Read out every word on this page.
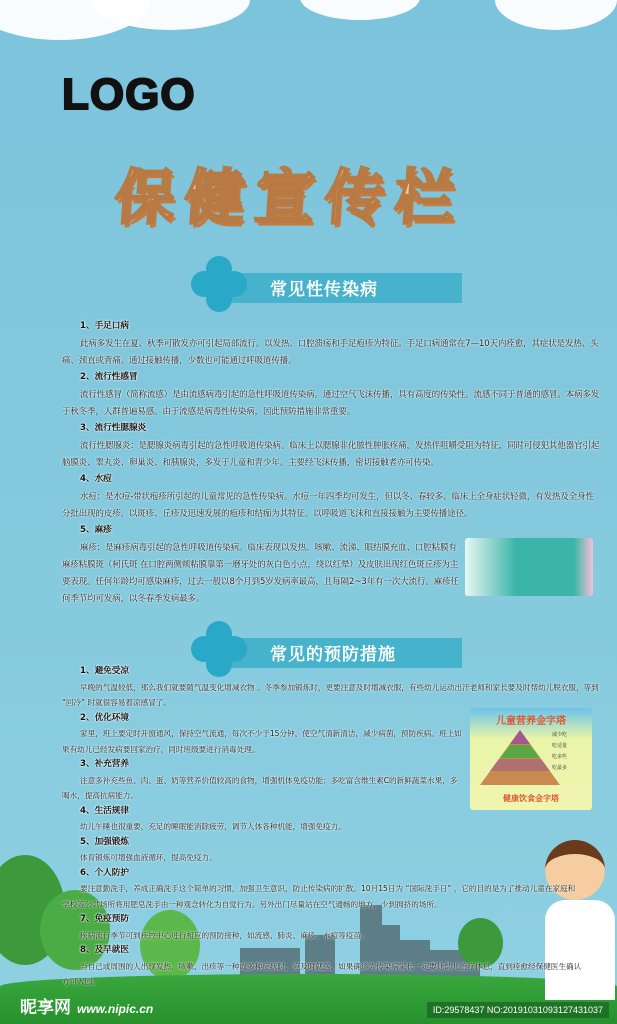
LOGO
保健宣传栏
常见性传染病
1、手足口病

此病多发生在夏、秋季可散发亦可引起局部流行。以发热、口腔溃疡和手足疱疹为特征。手足口病通常在7—10天内痊愈，其症状是发热、头痛、颈直或背痛。通过接触传播，少数也可能通过呼吸道传播。

2、流行性感冒

流行性感冒（简称流感）是由流感病毒引起的急性呼吸道传染病。通过空气飞沫传播，具有高度的传染性。流感不同于普通的感冒。本病多发于秋冬季，人群普遍易感。由于流感是病毒性传染病，因此预防措施非常重要。

3、流行性腮腺炎

流行性腮腺炎：是腮腺炎病毒引起的急性呼吸道传染病。临床上以腮腺非化脓性肿胀疼痛，发热伴咀嚼受阻为特征，同时可侵犯其他器官引起脑膜炎、睾丸炎、卵巢炎、和胰腺炎，多发于儿童和青少年。主要经飞沫传播，密切接触者亦可传染。

4、水痘

水痘：是水痘-带状疱疹所引起的儿童常见的急性传染病。水痘一年四季均可发生，但以冬、春较多。临床上全身症状轻微，有发热及全身性分批出现的皮疹，以斑疹、丘疹及迅速发展的疱疹和结痂为其特征。以呼吸道飞沫和直接接触为主要传播途径。

5、麻疹

麻疹：是麻疹病毒引起的急性呼吸道传染病。临床表现以发热、咳嗽、流涕、眼结膜充血、口腔粘膜有麻疹粘膜斑（柯氏斑 在口腔两侧颊粘膜靠第一磨牙处的灰白色小点，绕以红晕）及皮肤出现红色斑丘疹为主要表现。任何年龄均可感染麻疹，过去一般以8个月到5岁发病率最高，且每隔2~3年有一次大流行。麻疹任何季节均可发病，以冬春季发病最多。

常见的预防措施
1、避免受凉

早晚的气温较低，那么我们就要随气温变化增减衣物 。冬季参加锻炼时，更要注意及时增减衣服，有些幼儿运动出汗老师和家长要及时帮幼儿脱衣服，等到 “回冷” 时就很容易着凉感冒了。

2、优化环境

家里，班上要定时开窗通风，保持空气流通，每次不少于15分钟，使空气清新清洁，减少病菌，预防疾病。班上如果有幼儿已经发病要回家治疗，同时班级要进行消毒处理。

3、补充营养

注意多补充些鱼、肉、蛋、奶等营养价值较高的食物，增强机体免疫功能；多吃富含维生素C的新鲜蔬菜水果，多喝水，提高抗病能力。

4、生活规律

幼儿午睡也很重要，充足的睡眠能消除疲劳，调节人体各种机能，增强免疫力。

5、加强锻炼

体育锻炼可增强血液循环，提高免疫力。

6、个人防护

要注意勤洗手，养成正确洗手这个简单的习惯，加强卫生意识，防止传染病的扩散。10月15日为 “国际洗手日” ，它的目的是为了推动儿童在家庭和学校等公共场所将用肥皂洗手由一种观念转化为自觉行为。另外出门尽量站在空气通畅的地方，少到拥挤的场所。

7、免疫预防

疾病流行季节可到疾控中心进行相应的预防接种，如流感、肺炎、麻疹、水痘等疫苗。

8、及早就医

当自己或周围的人出现发热、咳嗽、出疹等一种或多种症状时，应及时就医。如果确诊为传染病家长一定要让幼儿治疗休息，直到痊愈经保健医生确认方可入园。

儿童营养金字塔
减少吃
吃适量
吃多些
吃最多
健康饮食金字塔
昵享网 www.nipic.cn	ID:29578437 NO:20191031093127431037
